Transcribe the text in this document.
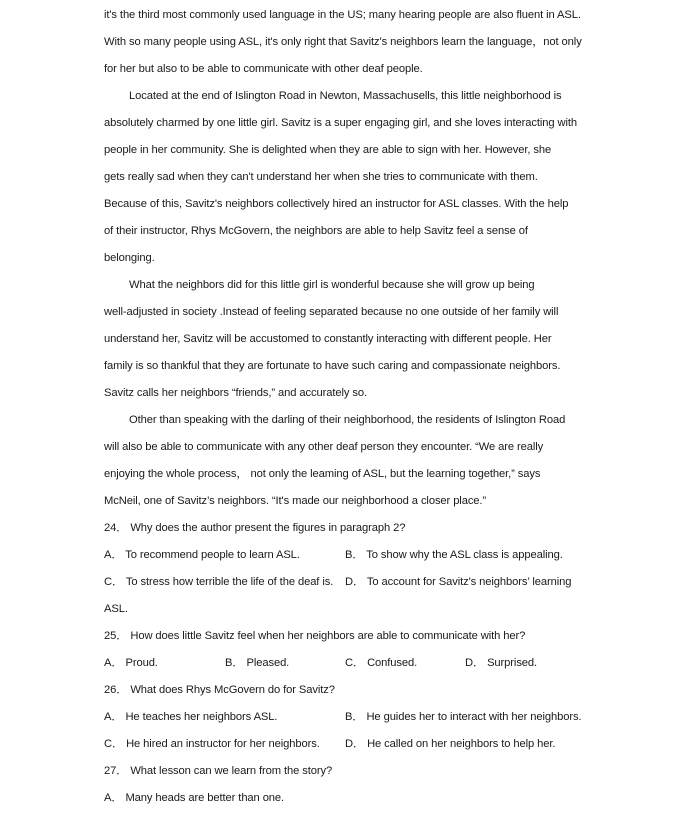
it's the third most commonly used language in the US; many hearing people are also fluent in ASL.
With so many people using ASL, it's only right that Savitz's neighbors learn the language，not only
for her but also to be able to communicate with other deaf people.
Located at the end of Islington Road in Newton, Massachusells, this little neighborhood is
absolutely charmed by one little girl. Savitz is a super engaging girl, and she loves interacting with
people in her community. She is delighted when they are able to sign with her. However, she
gets really sad when they can't understand her when she tries to communicate with them.
Because of this, Savitz's neighbors collectively hired an instructor for ASL classes. With the help
of their instructor, Rhys McGovern, the neighbors are able to help Savitz feel a sense of
belonging.
What the neighbors did for this little girl is wonderful because she will grow up being
well-adjusted in society .Instead of feeling separated because no one outside of her family will
understand her, Savitz will be accustomed to constantly interacting with different people. Her
family is so thankful that they are fortunate to have such caring and compassionate neighbors.
Savitz calls her neighbors “friends,” and accurately so.
Other than speaking with the darling of their neighborhood, the residents of Islington Road
will also be able to communicate with any other deaf person they encounter. “We are really
enjoying the whole process， not only the leaming of ASL, but the learning together,” says
McNeil, one of Savitz’s neighbors. “It's made our neighborhood a closer place.”
24． Why does the author present the figures in paragraph 2?
A． To recommend people to learn ASL.	B． To show why the ASL class is appealing.
C． To stress how terrible the life of the deaf is. D． To account for Savitz's neighbors’ learning
ASL.
25． How does little Savitz feel when her neighbors are able to communicate with her?
A． Proud.	B． Pleased.	C． Confused.	D． Surprised.
26． What does Rhys McGovern do for Savitz?
A． He teaches her neighbors ASL.	B． He guides her to interact with her neighbors.
C． He hired an instructor for her neighbors. D． He called on her neighbors to help her.
27． What lesson can we learn from the story?
A． Many heads are better than one.
